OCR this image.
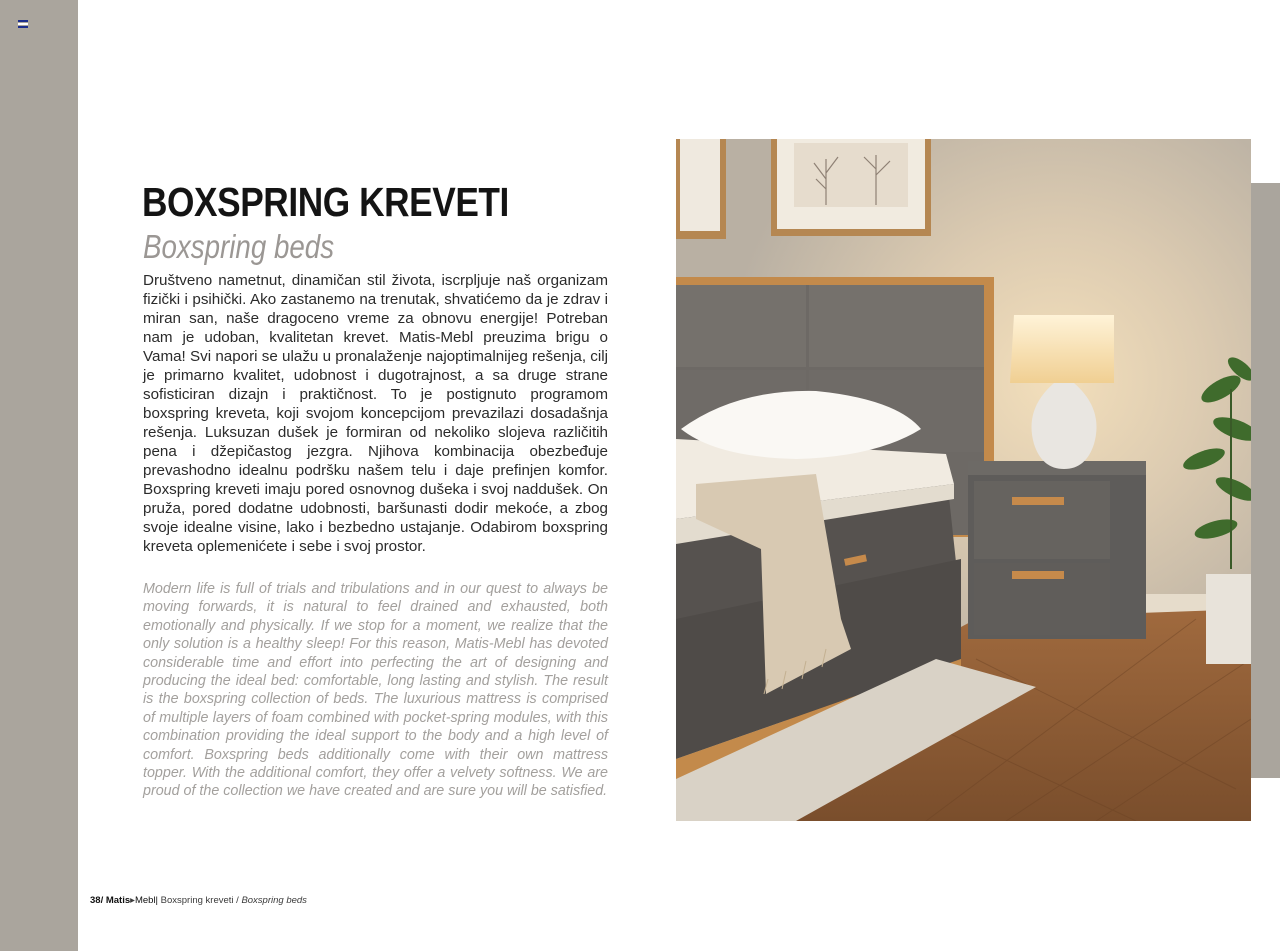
BOXSPRING KREVETI
Boxspring beds

Društveno nametnut, dinamičan stil života, iscrpljuje naš organizam fizički i psihički. Ako zastanemo na trenutak, shvatićemo da je zdrav i miran san, naše dragoceno vreme za obnovu energije! Potreban nam je udoban, kvalitetan krevet. Matis-Mebl preuzima brigu o Vama! Svi napori se ulažu u pronalaženje najoptimalnijeg rešenja, cilj je primarno kvalitet, udobnost i dugotrajnost, a sa druge strane sofisticiran dizajn i praktičnost. To je postignuto programom boxspring kreveta, koji svojom koncepcijom prevazilazi dosadašnja rešenja. Luksuzan dušek je formiran od nekoliko slojeva različitih pena i džepičastog jezgra. Njihova kombinacija obezbeđuje prevashodno idealnu podršku našem telu i daje prefinjen komfor. Boxspring kreveti imaju pored osnovnog dušeka i svoj naddušek. On pruža, pored dodatne udobnosti, baršunasti dodir mekoće, a zbog svoje idealne visine, lako i bezbedno ustajanje. Odabirom boxspring kreveta oplemenićete i sebe i svoj prostor.

Modern life is full of trials and tribulations and in our quest to always be moving forwards, it is natural to feel drained and exhausted, both emotionally and physically. If we stop for a moment, we realize that the only solution is a healthy sleep! For this reason, Matis-Mebl has devoted considerable time and effort into perfecting the art of designing and producing the ideal bed: comfortable, long lasting and stylish. The result is the boxspring collection of beds. The luxurious mattress is comprised of multiple layers of foam combined with pocket-spring modules, with this combination providing the ideal support to the body and a high level of comfort. Boxspring beds additionally come with their own mattress topper. With the additional comfort, they offer a velvety softness. We are proud of the collection we have created and are sure you will be satisfied.

38/ Matis▸Mebl| Boxspring kreveti / Boxspring beds
